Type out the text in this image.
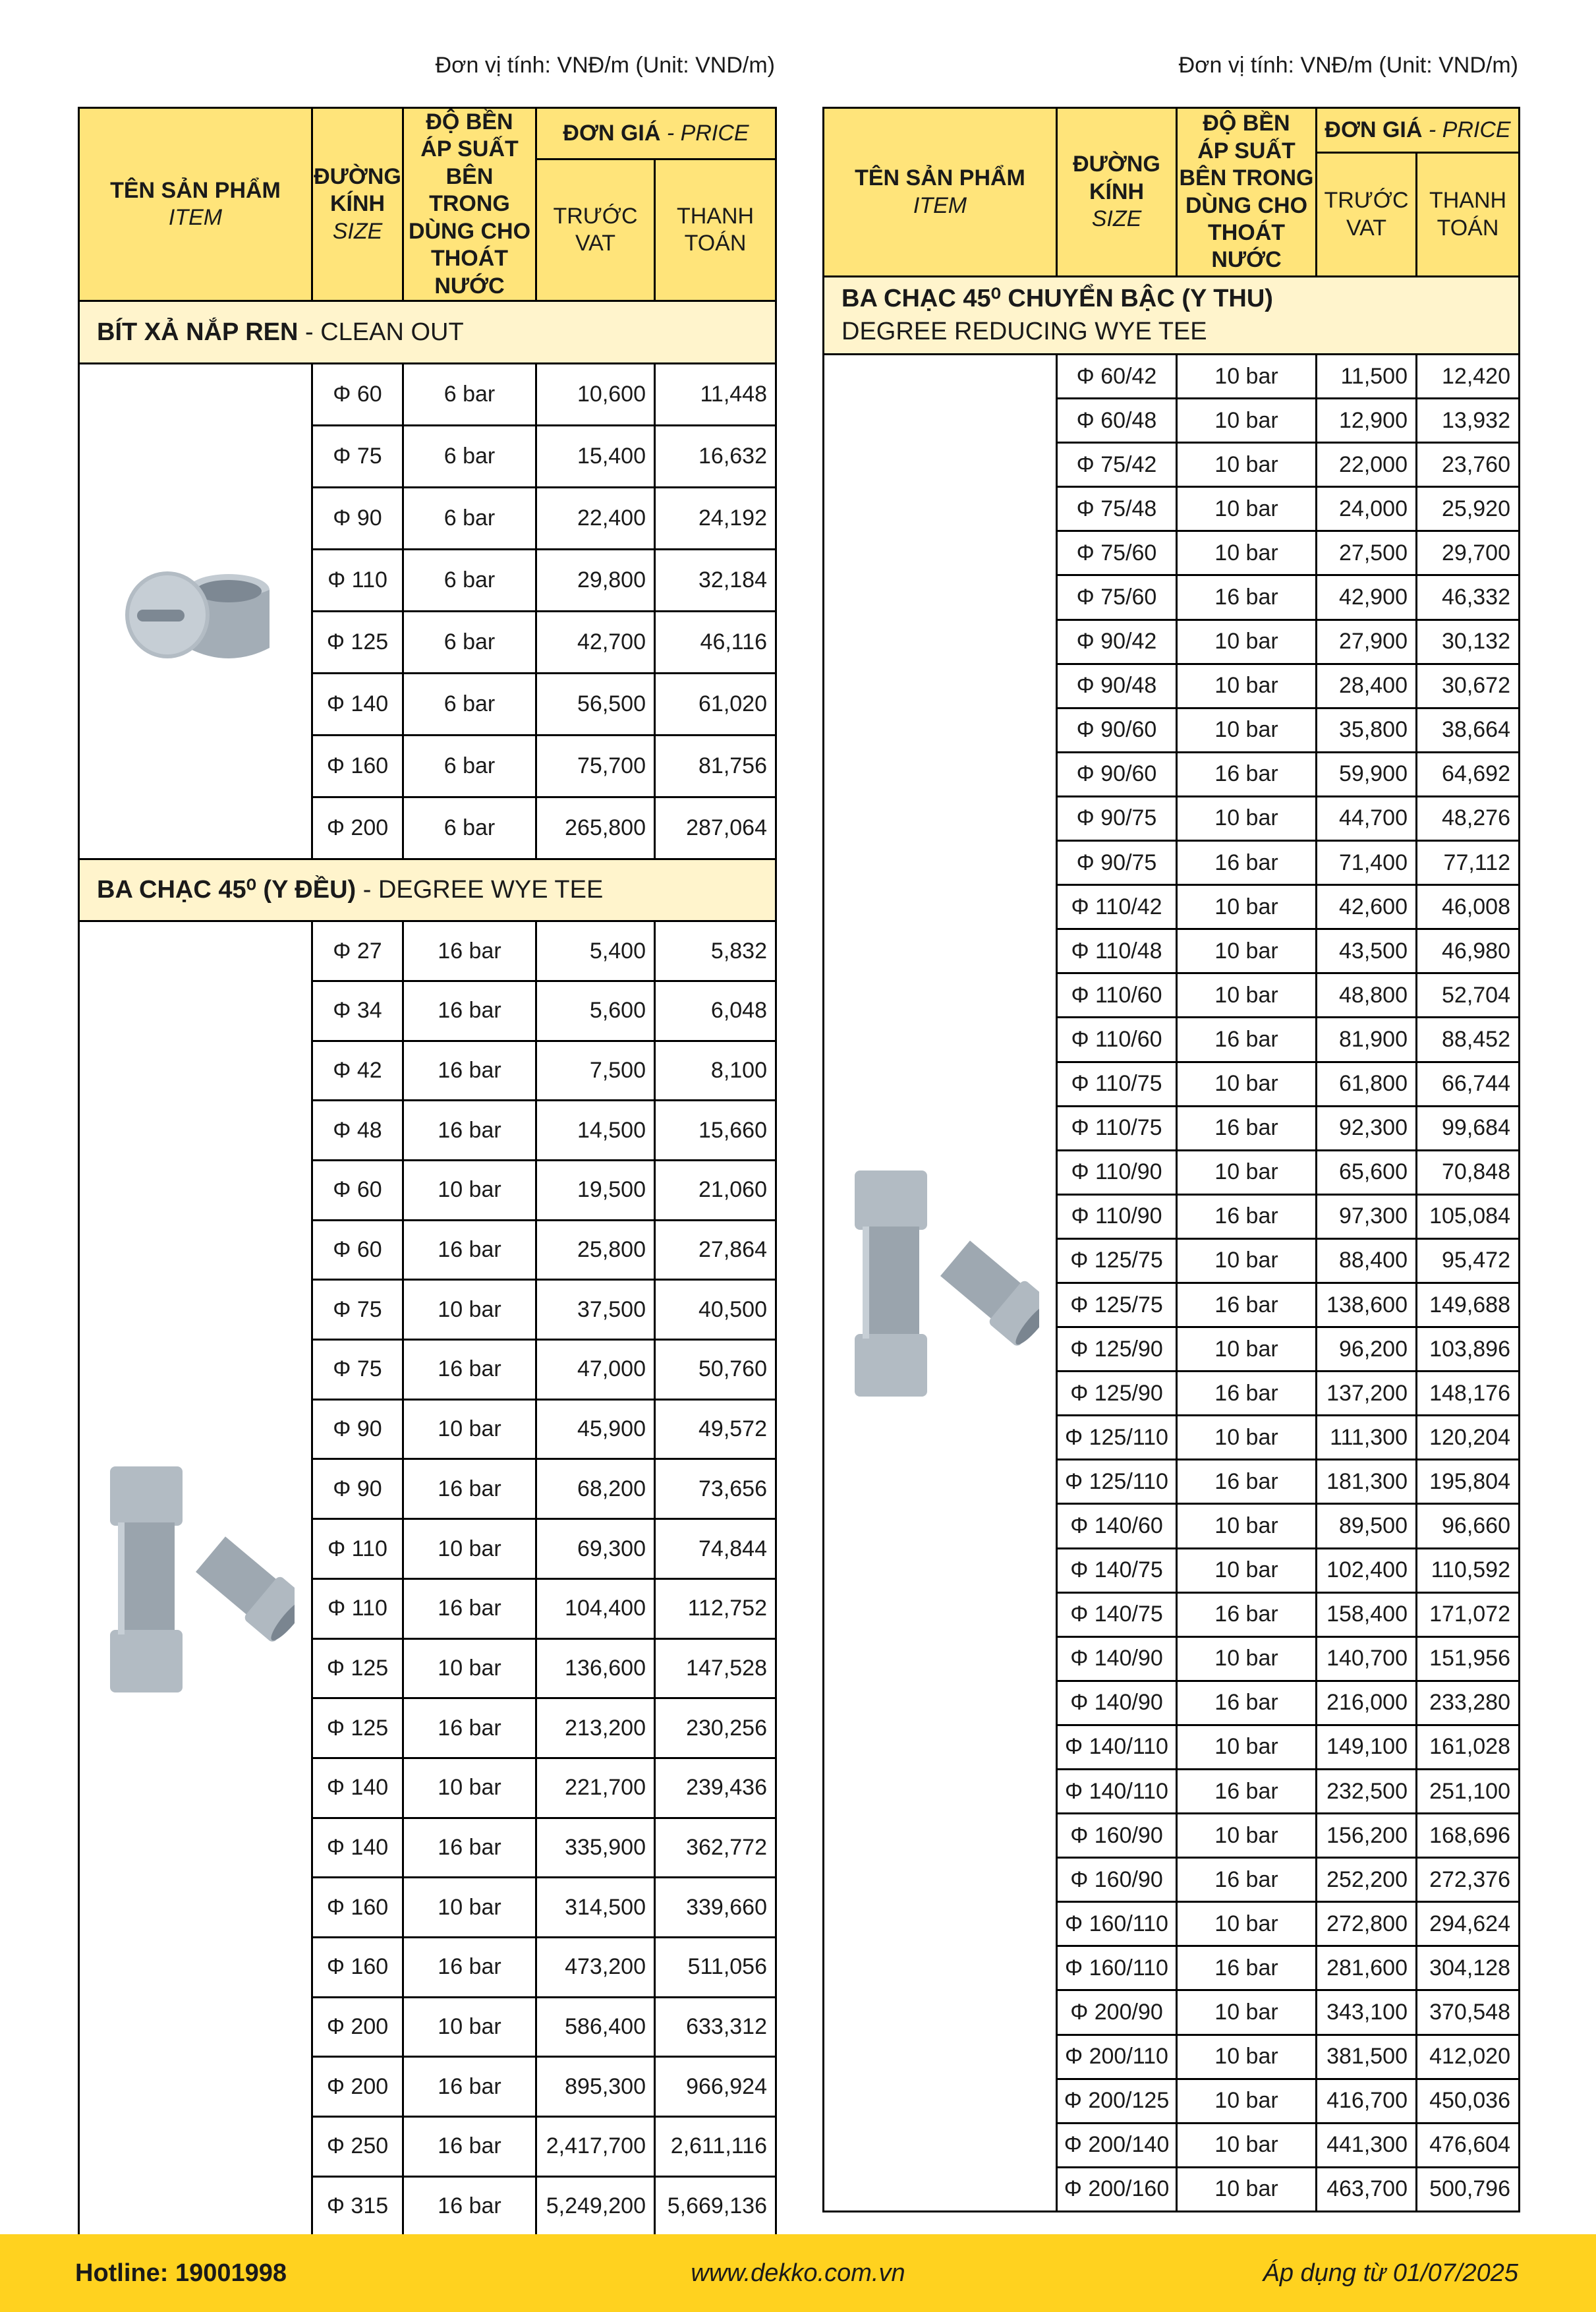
Đơn vị tính: VNĐ/m (Unit: VND/m)	Đơn vị tính: VNĐ/m (Unit: VND/m)
TÊN SẢN PHẨM
ITEM	ĐƯỜNG
KÍNH
SIZE	ĐỘ BỀN
ÁP SUẤT
BÊN TRONG
DÙNG CHO
THOÁT NƯỚC	ĐƠN GIÁ - PRICE	
			TRƯỚC VAT	THANH
TOÁN
BÍT XẢ NẮP REN - CLEAN OUT				

	Φ 60	6 bar	10,600	11,448
	Φ 75	6 bar	15,400	16,632
	Φ 90	6 bar	22,400	24,192
	Φ 110	6 bar	29,800	32,184
	Φ 125	6 bar	42,700	46,116
	Φ 140	6 bar	56,500	61,020
	Φ 160	6 bar	75,700	81,756
	Φ 200	6 bar	265,800	287,064
BA CHẠC 45⁰ (Y ĐỀU) - DEGREE WYE TEE				

	Φ 27	16 bar	5,400	5,832
	Φ 34	16 bar	5,600	6,048
	Φ 42	16 bar	7,500	8,100
	Φ 48	16 bar	14,500	15,660
	Φ 60	10 bar	19,500	21,060
	Φ 60	16 bar	25,800	27,864
	Φ 75	10 bar	37,500	40,500
	Φ 75	16 bar	47,000	50,760
	Φ 90	10 bar	45,900	49,572
	Φ 90	16 bar	68,200	73,656
	Φ 110	10 bar	69,300	74,844
	Φ 110	16 bar	104,400	112,752
	Φ 125	10 bar	136,600	147,528
	Φ 125	16 bar	213,200	230,256
	Φ 140	10 bar	221,700	239,436
	Φ 140	16 bar	335,900	362,772
	Φ 160	10 bar	314,500	339,660
	Φ 160	16 bar	473,200	511,056
	Φ 200	10 bar	586,400	633,312
	Φ 200	16 bar	895,300	966,924
	Φ 250	16 bar	2,417,700	2,611,116
	Φ 315	16 bar	5,249,200	5,669,136
TÊN SẢN PHẨM
ITEM	ĐƯỜNG KÍNH
SIZE	ĐỘ BỀN
ÁP SUẤT
BÊN TRONG
DÙNG CHO
THOÁT NƯỚC	ĐƠN GIÁ - PRICE	
			TRƯỚC VAT	THANH
TOÁN
BA CHẠC 45⁰ CHUYỂN BẬC (Y THU)
DEGREE REDUCING WYE TEE				

	Φ 60/42	10 bar	11,500	12,420
	Φ 60/48	10 bar	12,900	13,932
	Φ 75/42	10 bar	22,000	23,760
	Φ 75/48	10 bar	24,000	25,920
	Φ 75/60	10 bar	27,500	29,700
	Φ 75/60	16 bar	42,900	46,332
	Φ 90/42	10 bar	27,900	30,132
	Φ 90/48	10 bar	28,400	30,672
	Φ 90/60	10 bar	35,800	38,664
	Φ 90/60	16 bar	59,900	64,692
	Φ 90/75	10 bar	44,700	48,276
	Φ 90/75	16 bar	71,400	77,112
	Φ 110/42	10 bar	42,600	46,008
	Φ 110/48	10 bar	43,500	46,980
	Φ 110/60	10 bar	48,800	52,704
	Φ 110/60	16 bar	81,900	88,452
	Φ 110/75	10 bar	61,800	66,744
	Φ 110/75	16 bar	92,300	99,684
	Φ 110/90	10 bar	65,600	70,848
	Φ 110/90	16 bar	97,300	105,084
	Φ 125/75	10 bar	88,400	95,472
	Φ 125/75	16 bar	138,600	149,688
	Φ 125/90	10 bar	96,200	103,896
	Φ 125/90	16 bar	137,200	148,176
	Φ 125/110	10 bar	111,300	120,204
	Φ 125/110	16 bar	181,300	195,804
	Φ 140/60	10 bar	89,500	96,660
	Φ 140/75	10 bar	102,400	110,592
	Φ 140/75	16 bar	158,400	171,072
	Φ 140/90	10 bar	140,700	151,956
	Φ 140/90	16 bar	216,000	233,280
	Φ 140/110	10 bar	149,100	161,028
	Φ 140/110	16 bar	232,500	251,100
	Φ 160/90	10 bar	156,200	168,696
	Φ 160/90	16 bar	252,200	272,376
	Φ 160/110	10 bar	272,800	294,624
	Φ 160/110	16 bar	281,600	304,128
	Φ 200/90	10 bar	343,100	370,548
	Φ 200/110	10 bar	381,500	412,020
	Φ 200/125	10 bar	416,700	450,036
	Φ 200/140	10 bar	441,300	476,604
	Φ 200/160	10 bar	463,700	500,796
Hotline: 19001998	www.dekko.com.vn	Áp dụng từ 01/07/2025
